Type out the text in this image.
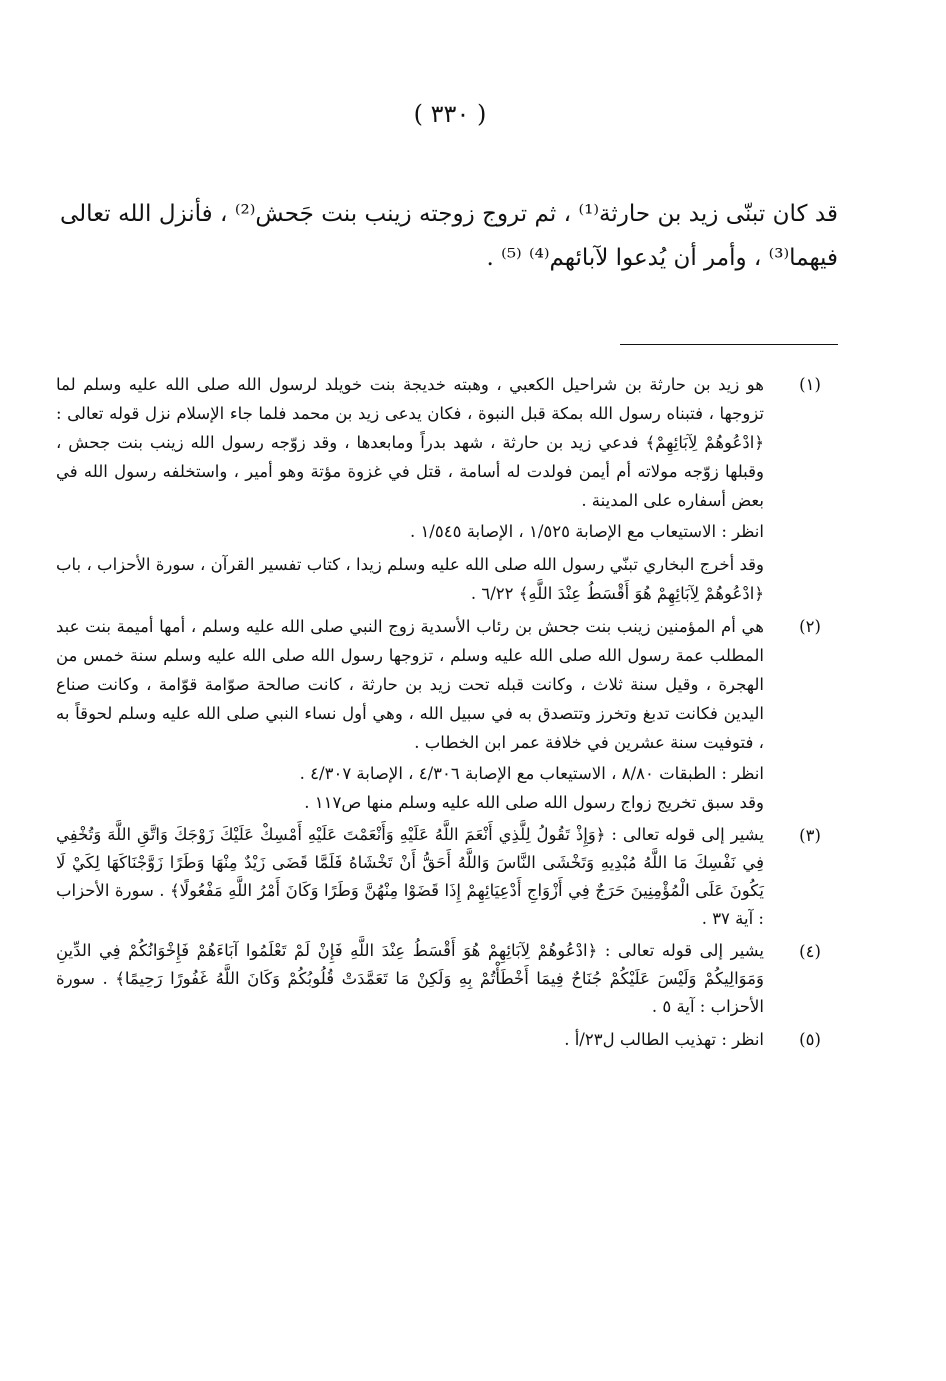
( ٣٣٠ )

قد كان تبنّى زيد بن حارثة⁽¹⁾ ، ثم تروج زوجته زينب بنت جَحش⁽²⁾ ، فأنزل الله تعالى فيهما⁽³⁾ ، وأمر أن يُدعوا لآبائهم⁽⁴⁾ ⁽⁵⁾ .

(١)

هو زيد بن حارثة بن شراحيل الكعبي ، وهبته خديجة بنت خويلد لرسول الله صلى الله عليه وسلم لما تزوجها ، فتبناه رسول الله بمكة قبل النبوة ، فكان يدعى زيد بن محمد فلما جاء الإسلام نزل قوله تعالى : ﴿ادْعُوهُمْ لِآبَائِهِمْ﴾ فدعي زيد بن حارثة ، شهد بدراً ومابعدها ، وقد زوّجه رسول الله زينب بنت جحش ، وقبلها زوّجه مولاته أم أيمن فولدت له أسامة ، قتل في غزوة مؤتة وهو أمير ، واستخلفه رسول الله في بعض أسفاره على المدينة .

انظر : الاستيعاب مع الإصابة ١/٥٢٥ ، الإصابة ١/٥٤٥ .

وقد أخرج البخاري تبنّي رسول الله صلى الله عليه وسلم زيدا ، كتاب تفسير القرآن ، سورة الأحزاب ، باب ﴿ادْعُوهُمْ لِآبَائِهِمْ هُوَ أَقْسَطُ عِنْدَ اللَّهِ﴾ ٦/٢٢ .

(٢)

هي أم المؤمنين زينب بنت جحش بن رئاب الأسدية زوج النبي صلى الله عليه وسلم ، أمها أميمة بنت عبد المطلب عمة رسول الله صلى الله عليه وسلم ، تزوجها رسول الله صلى الله عليه وسلم سنة خمس من الهجرة ، وقيل سنة ثلاث ، وكانت قبله تحت زيد بن حارثة ، كانت صالحة صوّامة قوّامة ، وكانت صناع اليدين فكانت تدبغ وتخرز وتتصدق به في سبيل الله ، وهي أول نساء النبي صلى الله عليه وسلم لحوقاً به ، فتوفيت سنة عشرين في خلافة عمر ابن الخطاب .

انظر : الطبقات ٨/٨٠ ، الاستيعاب مع الإصابة ٤/٣٠٦ ، الإصابة ٤/٣٠٧ .

وقد سبق تخريج زواج رسول الله صلى الله عليه وسلم منها ص١١٧ .

(٣)

يشير إلى قوله تعالى : ﴿وَإِذْ تَقُولُ لِلَّذِي أَنْعَمَ اللَّهُ عَلَيْهِ وَأَنْعَمْتَ عَلَيْهِ أَمْسِكْ عَلَيْكَ زَوْجَكَ وَاتَّقِ اللَّهَ وَتُخْفِي فِي نَفْسِكَ مَا اللَّهُ مُبْدِيهِ وَتَخْشَى النَّاسَ وَاللَّهُ أَحَقُّ أَنْ تَخْشَاهُ فَلَمَّا قَضَى زَيْدٌ مِنْهَا وَطَرًا زَوَّجْنَاكَهَا لِكَيْ لَا يَكُونَ عَلَى الْمُؤْمِنِينَ حَرَجٌ فِي أَزْوَاجِ أَدْعِيَائِهِمْ إِذَا قَضَوْا مِنْهُنَّ وَطَرًا وَكَانَ أَمْرُ اللَّهِ مَفْعُولًا﴾ . سورة الأحزاب : آية ٣٧ .

(٤)

يشير إلى قوله تعالى : ﴿ادْعُوهُمْ لِآبَائِهِمْ هُوَ أَقْسَطُ عِنْدَ اللَّهِ فَإِنْ لَمْ تَعْلَمُوا آبَاءَهُمْ فَإِخْوَانُكُمْ فِي الدِّينِ وَمَوَالِيكُمْ وَلَيْسَ عَلَيْكُمْ جُنَاحٌ فِيمَا أَخْطَأْتُمْ بِهِ وَلَكِنْ مَا تَعَمَّدَتْ قُلُوبُكُمْ وَكَانَ اللَّهُ غَفُورًا رَحِيمًا﴾ . سورة الأحزاب : آية ٥ .

(٥)

انظر : تهذيب الطالب ل٢٣/أ .
